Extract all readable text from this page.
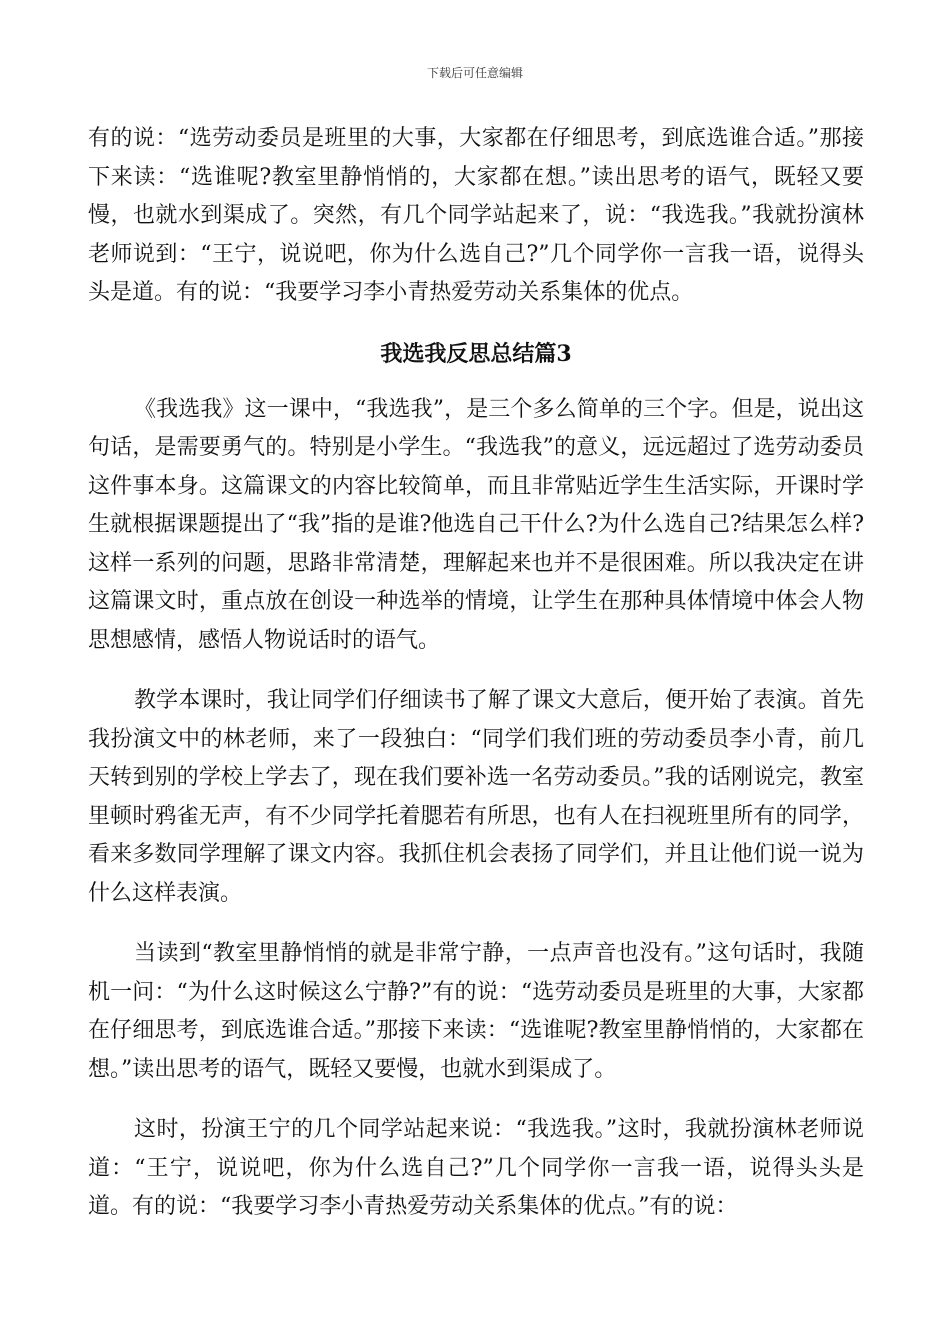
下载后可任意编辑

有的说：“选劳动委员是班里的大事，大家都在仔细思考，到底选谁合适。”那接下来读：“选谁呢?教室里静悄悄的，大家都在想。”读出思考的语气，既轻又要慢，也就水到渠成了。突然，有几个同学站起来了，说：“我选我。”我就扮演林老师说到：“王宁，说说吧，你为什么选自己?”几个同学你一言我一语，说得头头是道。有的说：“我要学习李小青热爱劳动关系集体的优点。

我选我反思总结篇3

《我选我》这一课中，“我选我”，是三个多么简单的三个字。但是，说出这句话，是需要勇气的。特别是小学生。“我选我”的意义，远远超过了选劳动委员这件事本身。这篇课文的内容比较简单，而且非常贴近学生生活实际，开课时学生就根据课题提出了“我”指的是谁?他选自己干什么?为什么选自己?结果怎么样?这样一系列的问题，思路非常清楚，理解起来也并不是很困难。所以我决定在讲这篇课文时，重点放在创设一种选举的情境，让学生在那种具体情境中体会人物思想感情，感悟人物说话时的语气。

教学本课时，我让同学们仔细读书了解了课文大意后，便开始了表演。首先我扮演文中的林老师，来了一段独白：“同学们我们班的劳动委员李小青，前几天转到别的学校上学去了，现在我们要补选一名劳动委员。”我的话刚说完，教室里顿时鸦雀无声，有不少同学托着腮若有所思，也有人在扫视班里所有的同学，看来多数同学理解了课文内容。我抓住机会表扬了同学们，并且让他们说一说为什么这样表演。

当读到“教室里静悄悄的就是非常宁静，一点声音也没有。”这句话时，我随机一问：“为什么这时候这么宁静?”有的说：“选劳动委员是班里的大事，大家都在仔细思考，到底选谁合适。”那接下来读：“选谁呢?教室里静悄悄的，大家都在想。”读出思考的语气，既轻又要慢，也就水到渠成了。

这时，扮演王宁的几个同学站起来说：“我选我。”这时，我就扮演林老师说道：“王宁，说说吧，你为什么选自己?”几个同学你一言我一语，说得头头是道。有的说：“我要学习李小青热爱劳动关系集体的优点。”有的说：
